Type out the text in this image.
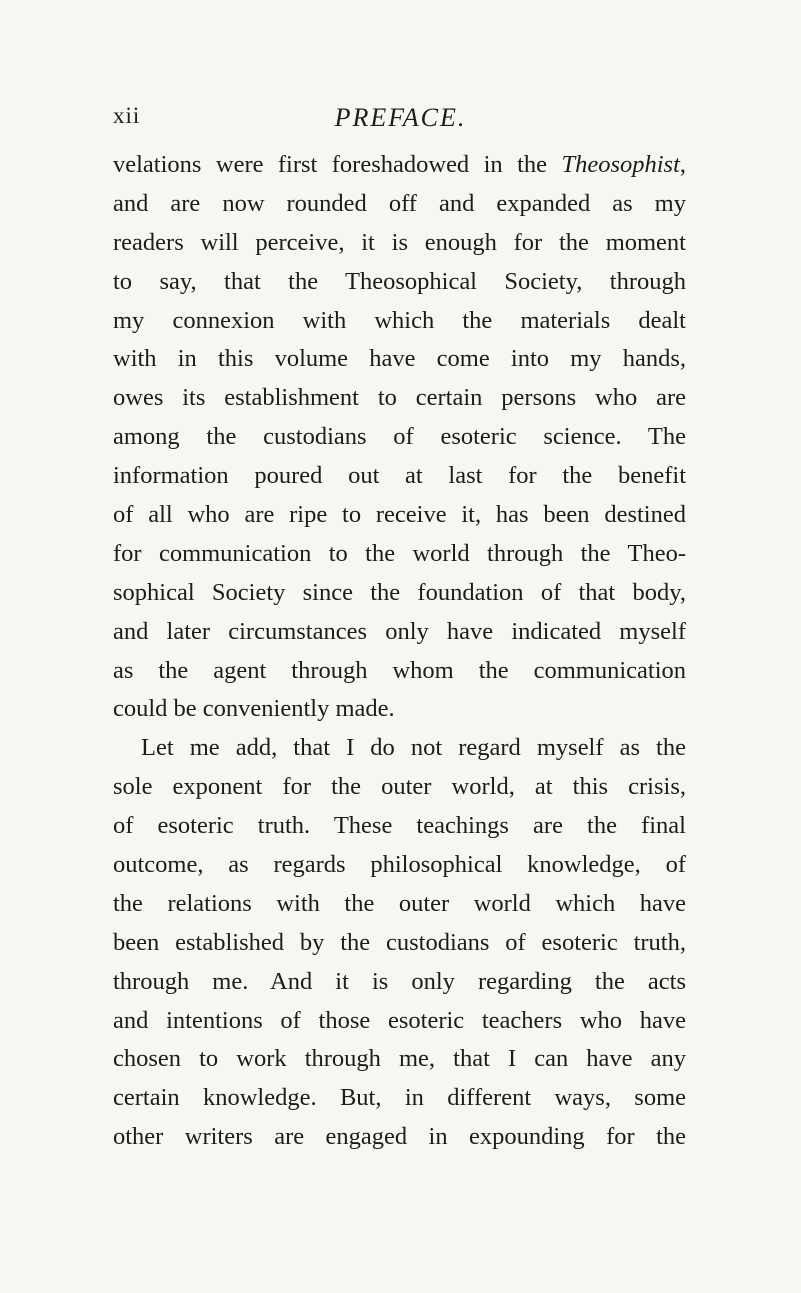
xii	PREFACE.
velations were first foreshadowed in the Theosophist,
and are now rounded off and expanded as my
readers will perceive, it is enough for the moment
to say, that the Theosophical Society, through
my connexion with which the materials dealt
with in this volume have come into my hands,
owes its establishment to certain persons who are
among the custodians of esoteric science. The
information poured out at last for the benefit
of all who are ripe to receive it, has been destined
for communication to the world through the Theo-
sophical Society since the foundation of that body,
and later circumstances only have indicated myself
as the agent through whom the communication
could be conveniently made.
Let me add, that I do not regard myself as the
sole exponent for the outer world, at this crisis,
of esoteric truth. These teachings are the final
outcome, as regards philosophical knowledge, of
the relations with the outer world which have
been established by the custodians of esoteric truth,
through me. And it is only regarding the acts
and intentions of those esoteric teachers who have
chosen to work through me, that I can have any
certain knowledge. But, in different ways, some
other writers are engaged in expounding for the
